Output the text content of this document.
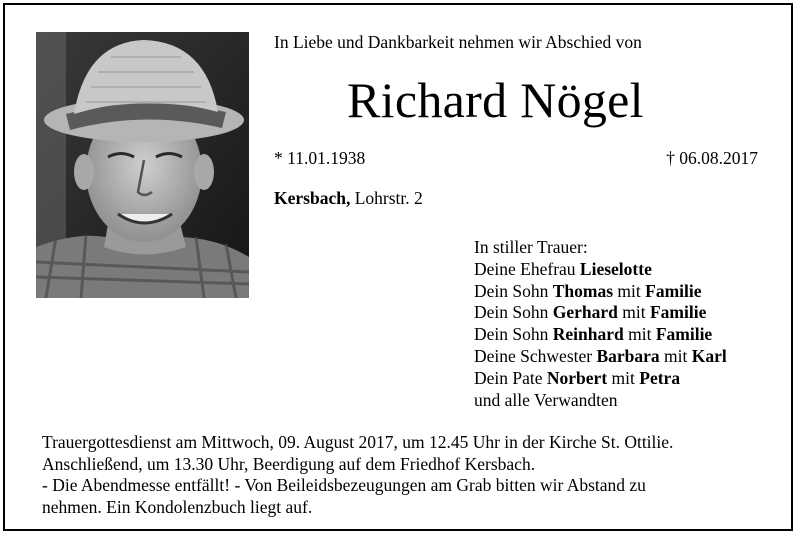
In Liebe und Dankbarkeit nehmen wir Abschied von
Richard Nögel
* 11.01.1938	† 06.08.2017
Kersbach, Lohrstr. 2
In stiller Trauer:
Deine Ehefrau Lieselotte
Dein Sohn Thomas mit Familie
Dein Sohn Gerhard mit Familie
Dein Sohn Reinhard mit Familie
Deine Schwester Barbara mit Karl
Dein Pate Norbert mit Petra
und alle Verwandten
Trauergottesdienst am Mittwoch, 09. August 2017, um 12.45 Uhr in der Kirche St. Ottilie.
Anschließend, um 13.30 Uhr, Beerdigung auf dem Friedhof Kersbach.
- Die Abendmesse entfällt! - Von Beileidsbezeugungen am Grab bitten wir Abstand zu
nehmen. Ein Kondolenzbuch liegt auf.
